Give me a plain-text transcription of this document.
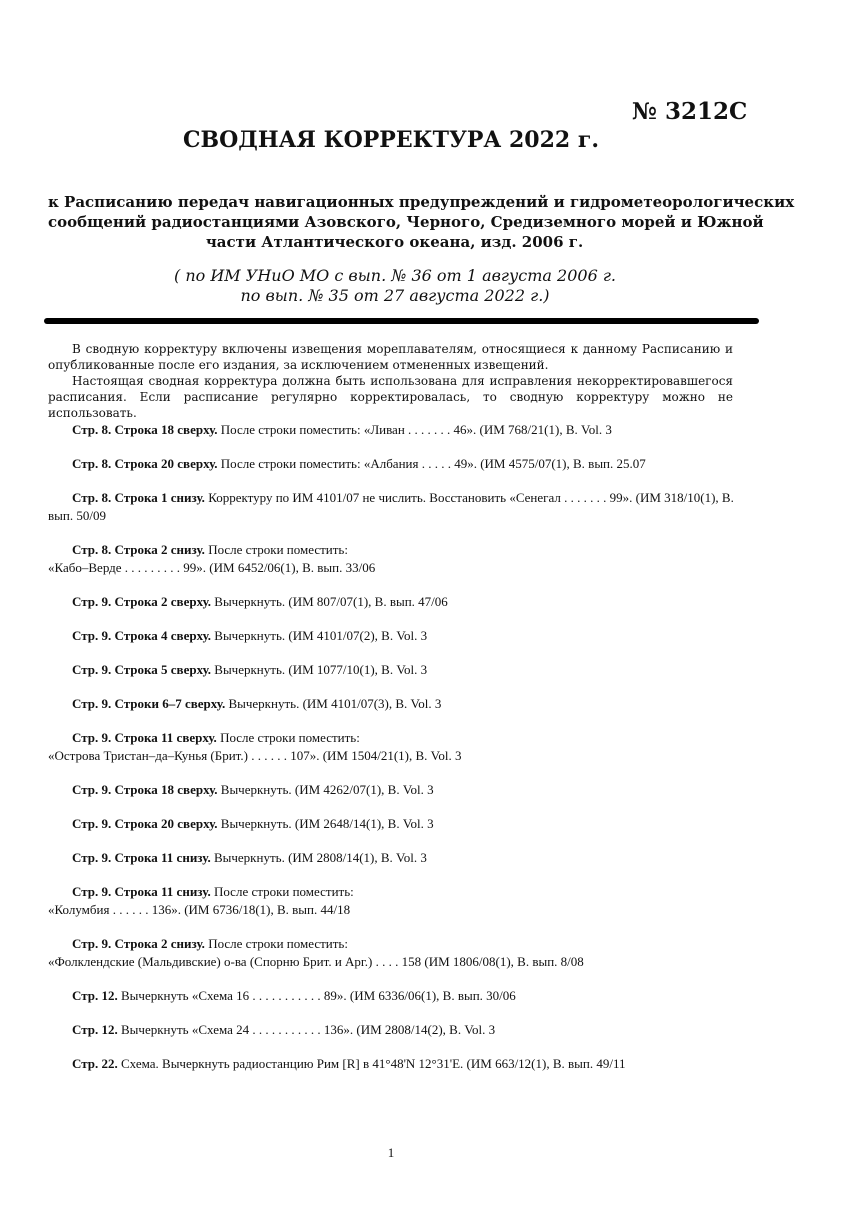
№ 3212С
СВОДНАЯ КОРРЕКТУРА 2022 г.
к Расписанию передач навигационных предупреждений и гидрометеорологических
сообщений радиостанциями Азовского, Черного, Средиземного морей и Южной
части Атлантического океана, изд. 2006 г.
( по ИМ УНиО МО с вып. № 36 от 1 августа 2006 г.
по вып. № 35 от 27 августа 2022 г.)

В сводную корректуру включены извещения мореплавателям, относящиеся к данному Расписанию и опубликованные после его издания, за исключением отмененных извещений.

Настоящая сводная корректура должна быть использована для исправления некорректировавшегося расписания. Если расписание регулярно корректировалась, то сводную корректуру можно не использовать.

Стр. 8. Строка 18 сверху. После строки поместить: «Ливан . . . . . . . 46». (ИМ 768/21(1), В. Vol. 3
Стр. 8. Строка 20 сверху. После строки поместить: «Албания . . . . . 49». (ИМ 4575/07(1), В. вып. 25.07
Стр. 8. Строка 1 снизу. Корректуру по ИМ 4101/07 не числить. Восстановить «Сенегал . . . . . . . 99». (ИМ 318/10(1), В. вып. 50/09
Стр. 8. Строка 2 снизу. После строки поместить:
«Кабо–Верде . . . . . . . . . 99». (ИМ 6452/06(1), В. вып. 33/06
Стр. 9. Строка 2 сверху. Вычеркнуть. (ИМ 807/07(1), В. вып. 47/06
Стр. 9. Строка 4 сверху. Вычеркнуть. (ИМ 4101/07(2), В. Vol. 3
Стр. 9. Строка 5 сверху. Вычеркнуть. (ИМ 1077/10(1), В. Vol. 3
Стр. 9. Строки 6–7 сверху. Вычеркнуть. (ИМ 4101/07(3), В. Vol. 3
Стр. 9. Строка 11 сверху. После строки поместить:
«Острова Тристан–да–Кунья (Брит.) . . . . . . 107». (ИМ 1504/21(1), В. Vol. 3
Стр. 9. Строка 18 сверху. Вычеркнуть. (ИМ 4262/07(1), В. Vol. 3
Стр. 9. Строка 20 сверху. Вычеркнуть. (ИМ 2648/14(1), В. Vol. 3
Стр. 9. Строка 11 снизу. Вычеркнуть. (ИМ 2808/14(1), В. Vol. 3
Стр. 9. Строка 11 снизу. После строки поместить:
«Колумбия . . . . . . 136». (ИМ 6736/18(1), В. вып. 44/18
Стр. 9. Строка 2 снизу. После строки поместить:
«Фолклендские (Мальдивские) о-ва (Спорню Брит. и Арг.) . . . . 158 (ИМ 1806/08(1), В. вып. 8/08
Стр. 12. Вычеркнуть «Схема 16 . . . . . . . . . . . 89». (ИМ 6336/06(1), В. вып. 30/06
Стр. 12. Вычеркнуть «Схема 24 . . . . . . . . . . . 136». (ИМ 2808/14(2), В. Vol. 3
Стр. 22. Схема. Вычеркнуть радиостанцию Рим [R] в 41°48'N 12°31'E. (ИМ 663/12(1), В. вып. 49/11
1
